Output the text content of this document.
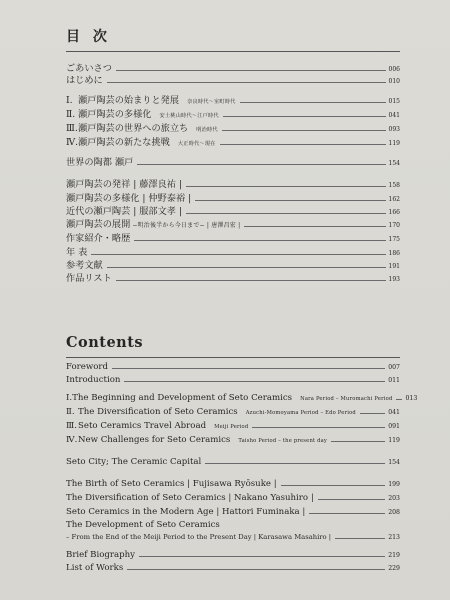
目 次
ごあいさつ	006
はじめに	010
Ⅰ. 瀬戸陶芸の始まりと発展 奈良時代〜室町時代	015
Ⅱ. 瀬戸陶芸の多様化 安土桃山時代〜江戸時代	041
Ⅲ. 瀬戸陶芸の世界への旅立ち 明治時代	093
Ⅳ. 瀬戸陶芸の新たな挑戦 大正時代〜現在	119
世界の陶都 瀬戸	154
瀬戸陶芸の発祥 | 藤澤良祐 |	158
瀬戸陶芸の多様化 | 仲野泰裕 |	162
近代の瀬戸陶芸 | 服部文孝 |	166
瀬戸陶芸の展開 −明治後半から今日まで− | 唐澤昌宏 |	170
作家紹介・略歴	175
年 表	186
参考文献	191
作品リスト	193
Contents
Foreword	007
Introduction	011
Ⅰ. The Beginning and Development of Seto Ceramics Nara Period – Muromachi Period 013
Ⅱ. The Diversification of Seto Ceramics Azuchi-Momoyama Period – Edo Period	041
Ⅲ. Seto Ceramics Travel Abroad Meiji Period	091
Ⅳ. New Challenges for Seto Ceramics Taisho Period – the present day	119
Seto City; The Ceramic Capital	154
The Birth of Seto Ceramics | Fujisawa Ryōsuke |	199
The Diversification of Seto Ceramics | Nakano Yasuhiro |	203
Seto Ceramics in the Modern Age | Hattori Fuminaka |	208
The Development of Seto Ceramics
– From the End of the Meiji Period to the Present Day | Karasawa Masahiro |	213
Brief Biography	219
List of Works	229
